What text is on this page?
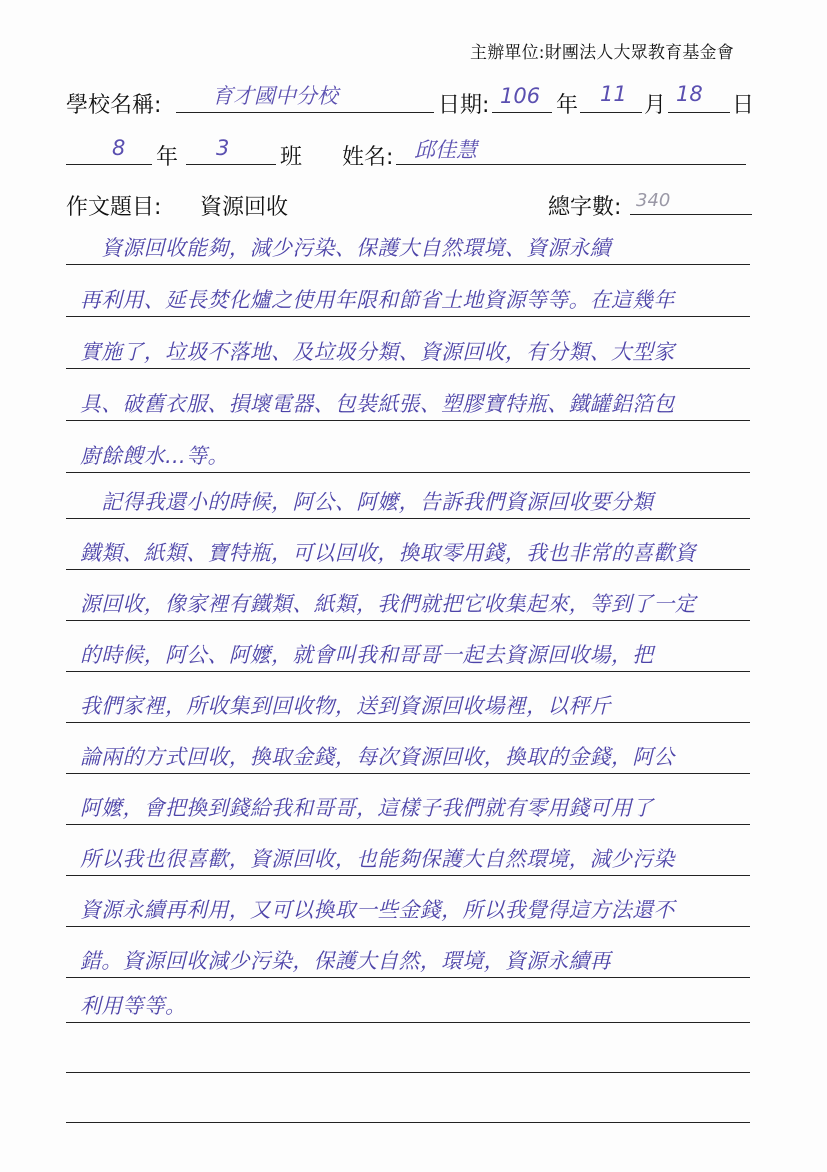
主辦單位:財團法人大眾教育基金會
學校名稱: 育才國中分校	日期: 106 年 11 月 18 日
8 年 3 班 姓名: 邱佳慧
作文題目: 資源回收	總字數: 340
　資源回收能夠，減少污染、保護大自然環境、資源永續
再利用、延長焚化爐之使用年限和節省土地資源等等。在這幾年
實施了，垃圾不落地、及垃圾分類、資源回收，有分類、大型家
具、破舊衣服、損壞電器、包裝紙張、塑膠寶特瓶、鐵罐鋁箔包
廚餘餿水…等。
　記得我還小的時候，阿公、阿嬤，告訴我們資源回收要分類
鐵類、紙類、寶特瓶，可以回收，換取零用錢，我也非常的喜歡資
源回收，像家裡有鐵類、紙類，我們就把它收集起來，等到了一定
的時候，阿公、阿嬤，就會叫我和哥哥一起去資源回收場，把
我們家裡，所收集到回收物，送到資源回收場裡，以秤斤
論兩的方式回收，換取金錢，每次資源回收，換取的金錢，阿公
阿嬤，會把換到錢給我和哥哥，這樣子我們就有零用錢可用了
所以我也很喜歡，資源回收，也能夠保護大自然環境，減少污染
資源永續再利用，又可以換取一些金錢，所以我覺得這方法還不
錯。資源回收減少污染，保護大自然，環境，資源永續再
利用等等。
